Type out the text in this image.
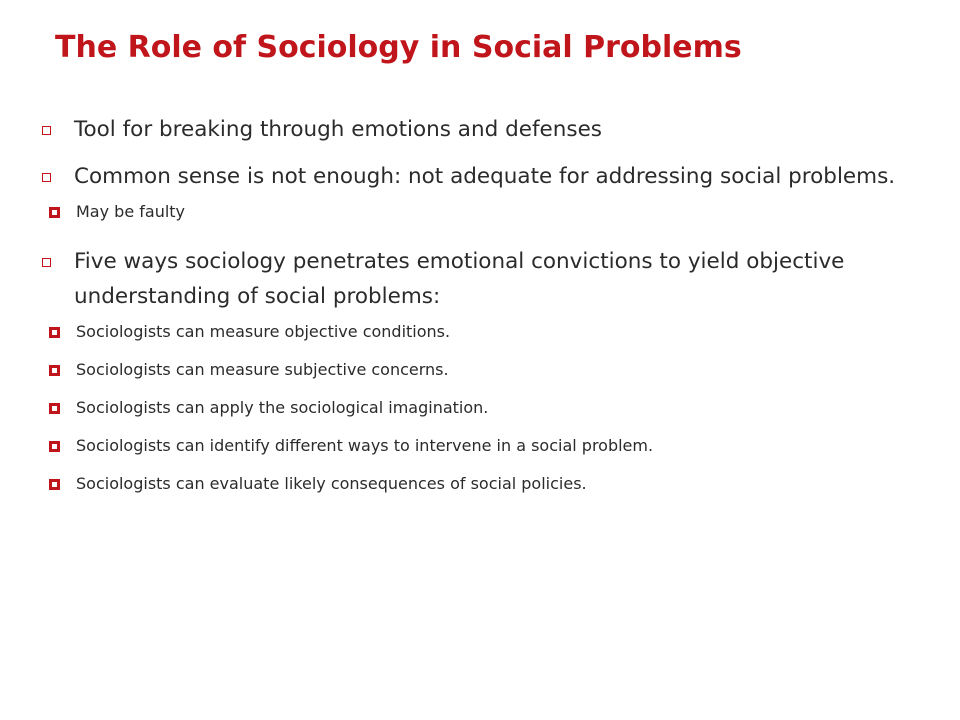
The Role of Sociology in Social Problems
Tool for breaking through emotions and defenses
Common sense is not enough: not adequate for addressing social problems.
May be faulty
Five ways sociology penetrates emotional convictions to yield objective understanding of social problems:
Sociologists can measure objective conditions.
Sociologists can measure subjective concerns.
Sociologists can apply the sociological imagination.
Sociologists can identify different ways to intervene in a social problem.
Sociologists can evaluate likely consequences of social policies.
